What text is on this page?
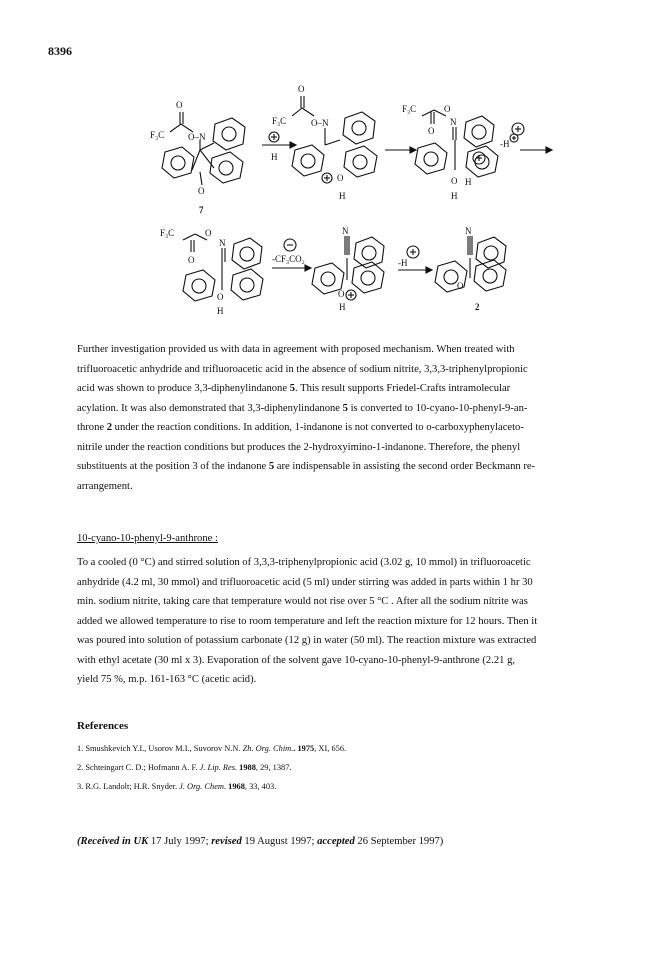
8396
O
F₃C	O–N
O
7
H
O
F₃C	O–N
O
H
F₃C	O
O
N
O H
H
-H
F₃C	O
O
N
O
H
-CF₃CO₂
N
O
H
-H
N
O
2
Further investigation provided us with data in agreement with proposed mechanism. When treated with
trifluoroacetic anhydride and trifluoroacetic acid in the absence of sodium nitrite, 3,3,3-triphenylpropionic
acid was shown to produce 3,3-diphenylindanone 5. This result supports Friedel-Crafts intramolecular
acylation. It was also demonstrated that 3,3-diphenylindanone 5 is converted to 10-cyano-10-phenyl-9-an-
throne 2 under the reaction conditions. In addition, 1-indanone is not converted to o-carboxyphenylaceto-
nitrile under the reaction conditions but produces the 2-hydroxyimino-1-indanone. Therefore, the phenyl
substituents at the position 3 of the indanone 5 are indispensable in assisting the second order Beckmann re-
arrangement.
10-cyano-10-phenyl-9-anthrone :
To a cooled (0 °C) and stirred solution of 3,3,3-triphenylpropionic acid (3.02 g, 10 mmol) in trifluoroacetic
anhydride (4.2 ml, 30 mmol) and trifluoroacetic acid (5 ml) under stirring was added in parts within 1 hr 30
min. sodium nitrite, taking care that temperature would not rise over 5 °C . After all the sodium nitrite was
added we allowed temperature to rise to room temperature and left the reaction mixture for 12 hours. Then it
was poured into solution of potassium carbonate (12 g) in water (50 ml). The reaction mixture was extracted
with ethyl acetate (30 ml x 3). Evaporation of the solvent gave 10-cyano-10-phenyl-9-anthrone (2.21 g,
yield 75 %, m.p. 161-163 °C (acetic acid).
References
1. Smushkevich Y.I., Usorov M.I., Suvorov N.N. Zh. Org. Chim.. 1975, XI, 656.
2. Schteingart C. D.; Hofmann A. F. J. Lip. Res. 1988, 29, 1387.
3. R.G. Landolt; H.R. Snyder. J. Org. Chem. 1968, 33, 403.
(Received in UK 17 July 1997; revised 19 August 1997; accepted 26 September 1997)
